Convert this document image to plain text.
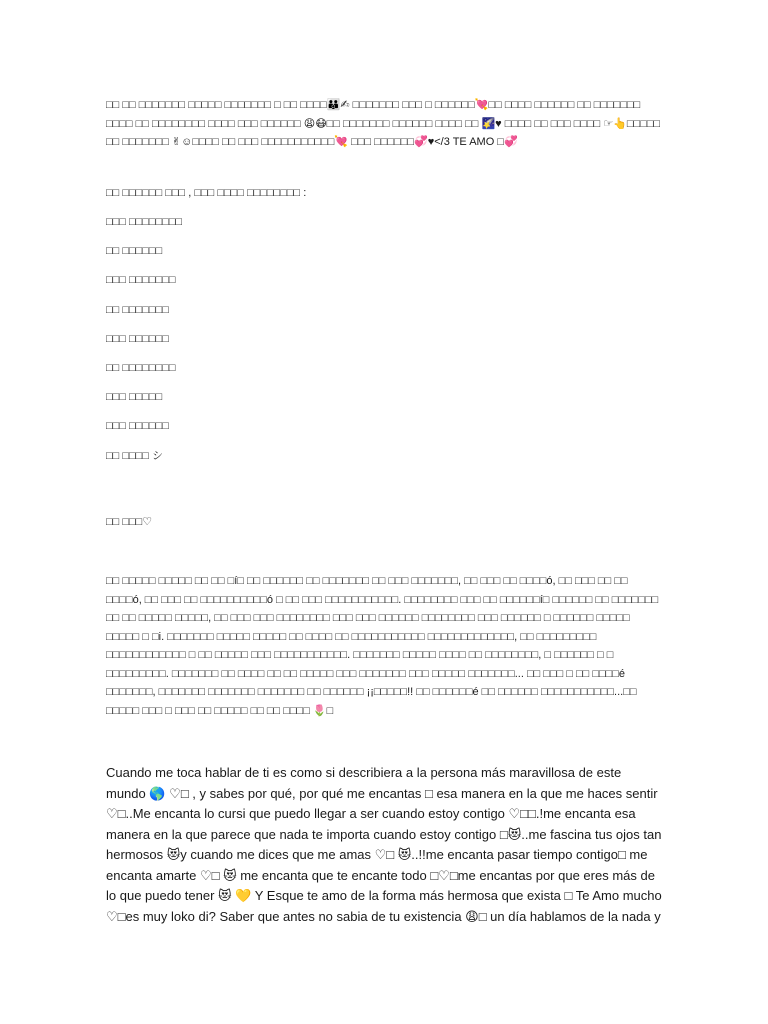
□□ □□ □□□□□□□ □□□□□ □□□□□□□ □ □□ □□□□👪✍ □□□□□□□ □□□ □ □□□□□□💘□□ □□□□ □□□□□□ □□ □□□□□□□ □□□□ □□ □□□□□□□□ □□□□ □□□ □□□□□□ 😩😷□□ □□□□□□□ □□□□□□ □□□□ □□ 🌠♥ □□□□ □□ □□□ □□□□ ☞👆□□□□□ □□ □□□□□□□ ✌☺□□□□ □□ □□□ □□□□□□□□□□□💘 □□□ □□□□□□💞♥</3 TE AMO □💞

□□ □□□□□□ □□□ , □□□ □□□□ □□□□□□□□ :

□□□ □□□□□□□□
□□ □□□□□□
□□□ □□□□□□□
□□ □□□□□□□
□□□ □□□□□□
□□ □□□□□□□□
□□□ □□□□□
□□□ □□□□□□
□□ □□□□ シ

□□ □□□♡

□□ □□□□□ □□□□□ □□ □□ □í□ □□ □□□□□□ □□ □□□□□□□ □□ □□□ □□□□□□□, □□ □□□ □□ □□□□ó, □□ □□□ □□ □□ □□□□ó, □□ □□□ □□ □□□□□□□□□□ó □ □□ □□□ □□□□□□□□□□□. □□□□□□□□ □□□ □□ □□□□□□í□ □□□□□□ □□ □□□□□□□ □□ □□ □□□□□ □□□□□, □□ □□□ □□□ □□□□□□□□ □□□ □□□ □□□□□□ □□□□□□□□ □□□ □□□□□□ □ □□□□□□ □□□□□ □□□□□ □ □i. □□□□□□□ □□□□□ □□□□□ □□ □□□□ □□ □□□□□□□□□□□ □□□□□□□□□□□□□, □□ □□□□□□□□□ □□□□□□□□□□□□ □ □□ □□□□□ □□□ □□□□□□□□□□□. □□□□□□□ □□□□□ □□□□ □□ □□□□□□□□, □ □□□□□□ □ □ □□□□□□□□□. □□□□□□□ □□ □□□□ □□ □□ □□□□□ □□□ □□□□□□□ □□□ □□□□□ □□□□□□□... □□ □□□ □ □□ □□□□é □□□□□□□, □□□□□□□ □□□□□□□ □□□□□□□ □□ □□□□□□ ¡¡□□□□□!! □□ □□□□□□é □□ □□□□□□ □□□□□□□□□□□...□□ □□□□□ □□□ □ □□□ □□ □□□□□ □□ □□ □□□□ 🌷□

Cuando me toca hablar de ti es como si describiera a la persona más maravillosa de este mundo 🌎 ♡□ , y sabes por qué, por qué me encantas □ esa manera en la que me haces sentir ♡□..Me encanta lo cursi que puedo llegar a ser cuando estoy contigo ♡□□.!me encanta esa manera en la que parece que nada te importa cuando estoy contigo □😻..me fascina tus ojos tan hermosos 😻y cuando me dices que me amas ♡□ 😻..!!me encanta pasar tiempo contigo□ me encanta amarte ♡□ 😻 me encanta que te encante todo □♡□me encantas por que eres más de lo que puedo tener 😻 💛 Y Esque te amo de la forma más hermosa que exista □ Te Amo mucho ♡□es muy loko di? Saber que antes no sabia de tu existencia 😩□ un día hablamos de la nada y
